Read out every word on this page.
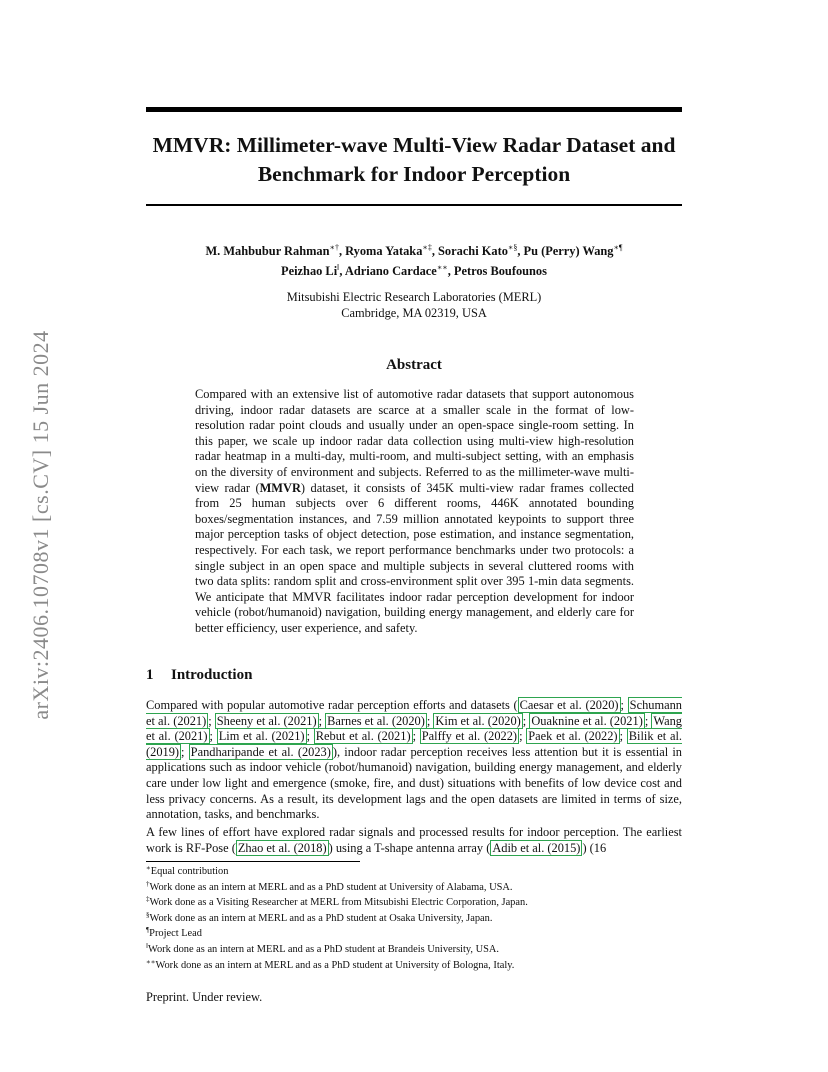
arXiv:2406.10708v1 [cs.CV] 15 Jun 2024
MMVR: Millimeter-wave Multi-View Radar Dataset and Benchmark for Indoor Perception
M. Mahbubur Rahman∗†, Ryoma Yataka∗‡, Sorachi Kato∗§, Pu (Perry) Wang∗¶
Peizhao Li‖, Adriano Cardace∗∗, Petros Boufounos
Mitsubishi Electric Research Laboratories (MERL)
Cambridge, MA 02319, USA
Abstract
Compared with an extensive list of automotive radar datasets that support autonomous driving, indoor radar datasets are scarce at a smaller scale in the format of low-resolution radar point clouds and usually under an open-space single-room setting. In this paper, we scale up indoor radar data collection using multi-view high-resolution radar heatmap in a multi-day, multi-room, and multi-subject setting, with an emphasis on the diversity of environment and subjects. Referred to as the millimeter-wave multi-view radar (MMVR) dataset, it consists of 345K multi-view radar frames collected from 25 human subjects over 6 different rooms, 446K annotated bounding boxes/segmentation instances, and 7.59 million annotated keypoints to support three major perception tasks of object detection, pose estimation, and instance segmentation, respectively. For each task, we report performance benchmarks under two protocols: a single subject in an open space and multiple subjects in several cluttered rooms with two data splits: random split and cross-environment split over 395 1-min data segments. We anticipate that MMVR facilitates indoor radar perception development for indoor vehicle (robot/humanoid) navigation, building energy management, and elderly care for better efficiency, user experience, and safety.
1 Introduction
Compared with popular automotive radar perception efforts and datasets ( Caesar et al. (2020) ; Schumann et al. (2021) ; Sheeny et al. (2021) ; Barnes et al. (2020) ; Kim et al. (2020) ; Ouaknine et al. (2021) ; Wang et al. (2021) ; Lim et al. (2021) ; Rebut et al. (2021) ; Palffy et al. (2022) ; Paek et al. (2022) ; Bilik et al. (2019) ; Pandharipande et al. (2023) ), indoor radar perception receives less attention but it is essential in applications such as indoor vehicle (robot/humanoid) navigation, building energy management, and elderly care under low light and emergence (smoke, fire, and dust) situations with benefits of low device cost and less privacy concerns. As a result, its development lags and the open datasets are limited in terms of size, annotation, tasks, and benchmarks.
A few lines of effort have explored radar signals and processed results for indoor perception. The earliest work is RF-Pose ( Zhao et al. (2018) ) using a T-shape antenna array ( Adib et al. (2015) ) (16
∗Equal contribution
†Work done as an intern at MERL and as a PhD student at University of Alabama, USA.
‡Work done as a Visiting Researcher at MERL from Mitsubishi Electric Corporation, Japan.
§Work done as an intern at MERL and as a PhD student at Osaka University, Japan.
¶Project Lead
‖Work done as an intern at MERL and as a PhD student at Brandeis University, USA.
∗∗Work done as an intern at MERL and as a PhD student at University of Bologna, Italy.
Preprint. Under review.
